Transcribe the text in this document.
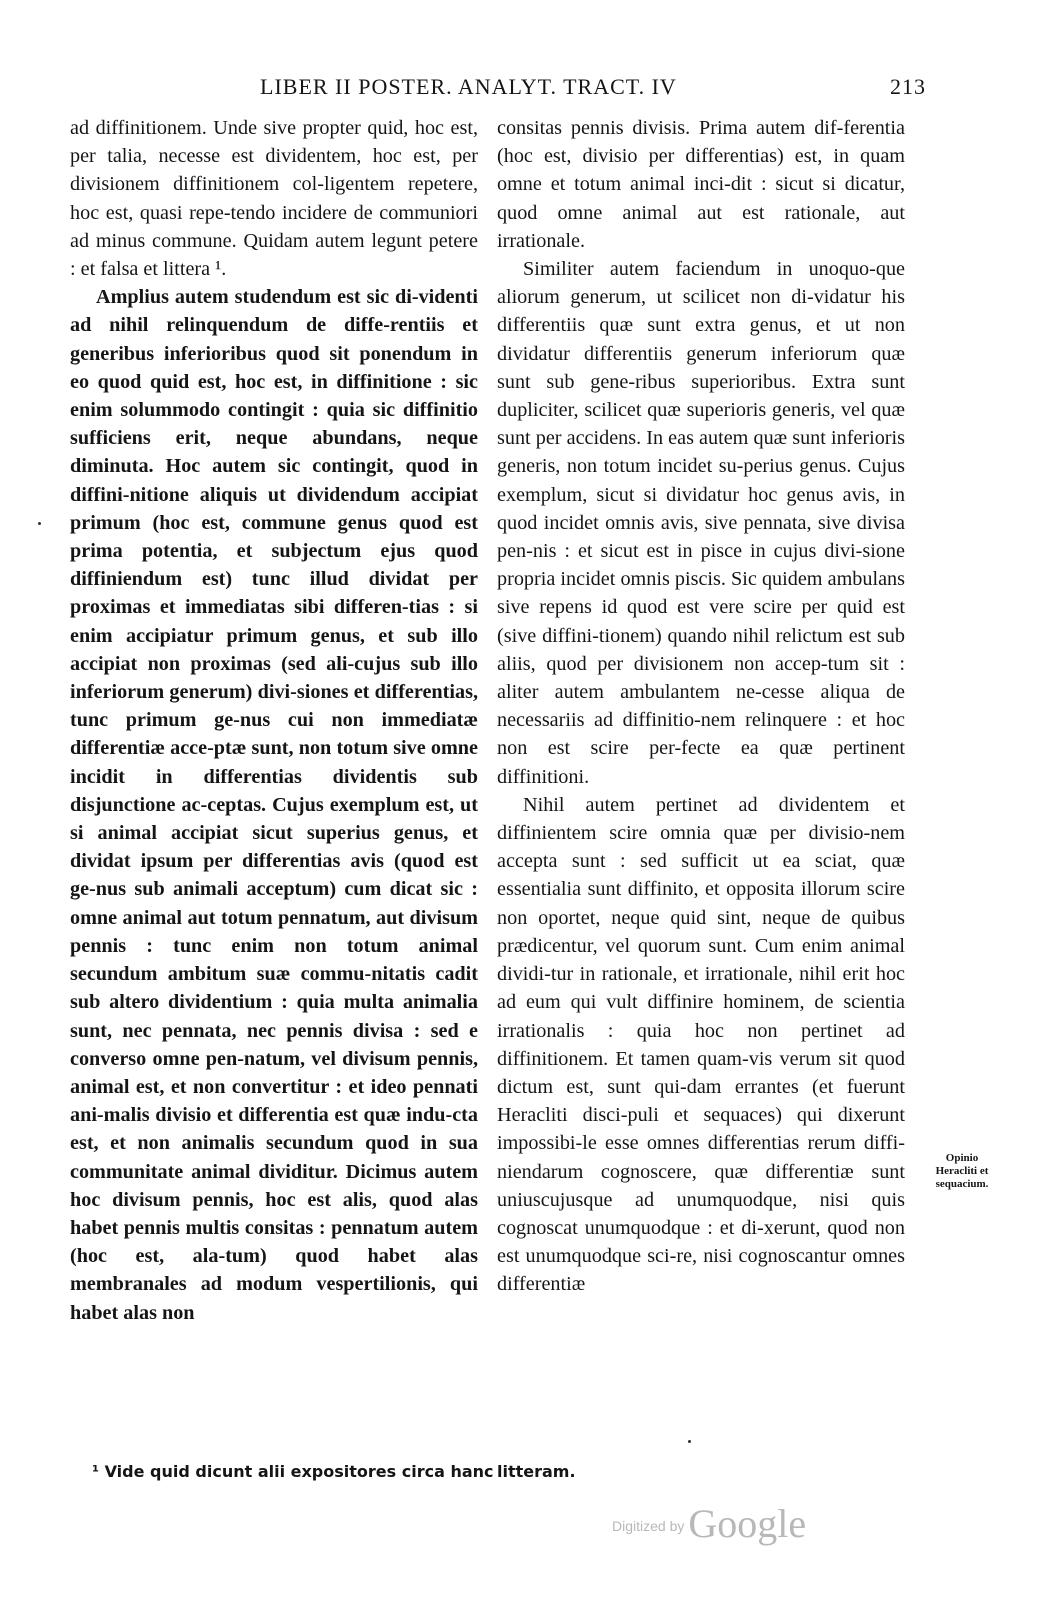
LIBER II POSTER. ANALYT. TRACT. IV	213

ad diffinitionem. Unde sive propter quid, hoc est, per talia, necesse est dividentem, hoc est, per divisionem diffinitionem col-ligentem repetere, hoc est, quasi repe-tendo incidere de communiori ad minus commune. Quidam autem legunt petere : et falsa et littera ¹.

Amplius autem studendum est sic di-videnti ad nihil relinquendum de diffe-rentiis et generibus inferioribus quod sit ponendum in eo quod quid est, hoc est, in diffinitione : sic enim solummodo contingit : quia sic diffinitio sufficiens erit, neque abundans, neque diminuta. Hoc autem sic contingit, quod in diffini-nitione aliquis ut dividendum accipiat primum (hoc est, commune genus quod est prima potentia, et subjectum ejus quod diffiniendum est) tunc illud dividat per proximas et immediatas sibi differen-tias : si enim accipiatur primum genus, et sub illo accipiat non proximas (sed ali-cujus sub illo inferiorum generum) divi-siones et differentias, tunc primum ge-nus cui non immediatæ differentiæ acce-ptæ sunt, non totum sive omne incidit in differentias dividentis sub disjunctione ac-ceptas. Cujus exemplum est, ut si animal accipiat sicut superius genus, et dividat ipsum per differentias avis (quod est ge-nus sub animali acceptum) cum dicat sic : omne animal aut totum pennatum, aut divisum pennis : tunc enim non totum animal secundum ambitum suæ commu-nitatis cadit sub altero dividentium : quia multa animalia sunt, nec pennata, nec pennis divisa : sed e converso omne pen-natum, vel divisum pennis, animal est, et non convertitur : et ideo pennati ani-malis divisio et differentia est quæ indu-cta est, et non animalis secundum quod in sua communitate animal dividitur. Dicimus autem hoc divisum pennis, hoc est alis, quod alas habet pennis multis consitas : pennatum autem (hoc est, ala-tum) quod habet alas membranales ad modum vespertilionis, qui habet alas non

consitas pennis divisis. Prima autem dif-ferentia (hoc est, divisio per differentias) est, in quam omne et totum animal inci-dit : sicut si dicatur, quod omne animal aut est rationale, aut irrationale.

Similiter autem faciendum in unoquo-que aliorum generum, ut scilicet non di-vidatur his differentiis quæ sunt extra genus, et ut non dividatur differentiis generum inferiorum quæ sunt sub gene-ribus superioribus. Extra sunt dupliciter, scilicet quæ superioris generis, vel quæ sunt per accidens. In eas autem quæ sunt inferioris generis, non totum incidet su-perius genus. Cujus exemplum, sicut si dividatur hoc genus avis, in quod incidet omnis avis, sive pennata, sive divisa pen-nis : et sicut est in pisce in cujus divi-sione propria incidet omnis piscis. Sic quidem ambulans sive repens id quod est vere scire per quid est (sive diffini-tionem) quando nihil relictum est sub aliis, quod per divisionem non accep-tum sit : aliter autem ambulantem ne-cesse aliqua de necessariis ad diffinitio-nem relinquere : et hoc non est scire per-fecte ea quæ pertinent diffinitioni.

Nihil autem pertinet ad dividentem et diffinientem scire omnia quæ per divisio-nem accepta sunt : sed sufficit ut ea sciat, quæ essentialia sunt diffinito, et opposita illorum scire non oportet, neque quid sint, neque de quibus prædicentur, vel quorum sunt. Cum enim animal dividi-tur in rationale, et irrationale, nihil erit hoc ad eum qui vult diffinire hominem, de scientia irrationalis : quia hoc non pertinet ad diffinitionem. Et tamen quam-vis verum sit quod dictum est, sunt qui-dam errantes (et fuerunt Heracliti disci-puli et sequaces) qui dixerunt impossibi-le esse omnes differentias rerum diffi-niendarum cognoscere, quæ differentiæ sunt uniuscujusque ad unumquodque, nisi quis cognoscat unumquodque : et di-xerunt, quod non est unumquodque sci-re, nisi cognoscantur omnes differentiæ

Opinio Heracliti et sequacium.
¹ Vide quid dicunt alii expositores circa hanc litteram.
Digitized by Google
